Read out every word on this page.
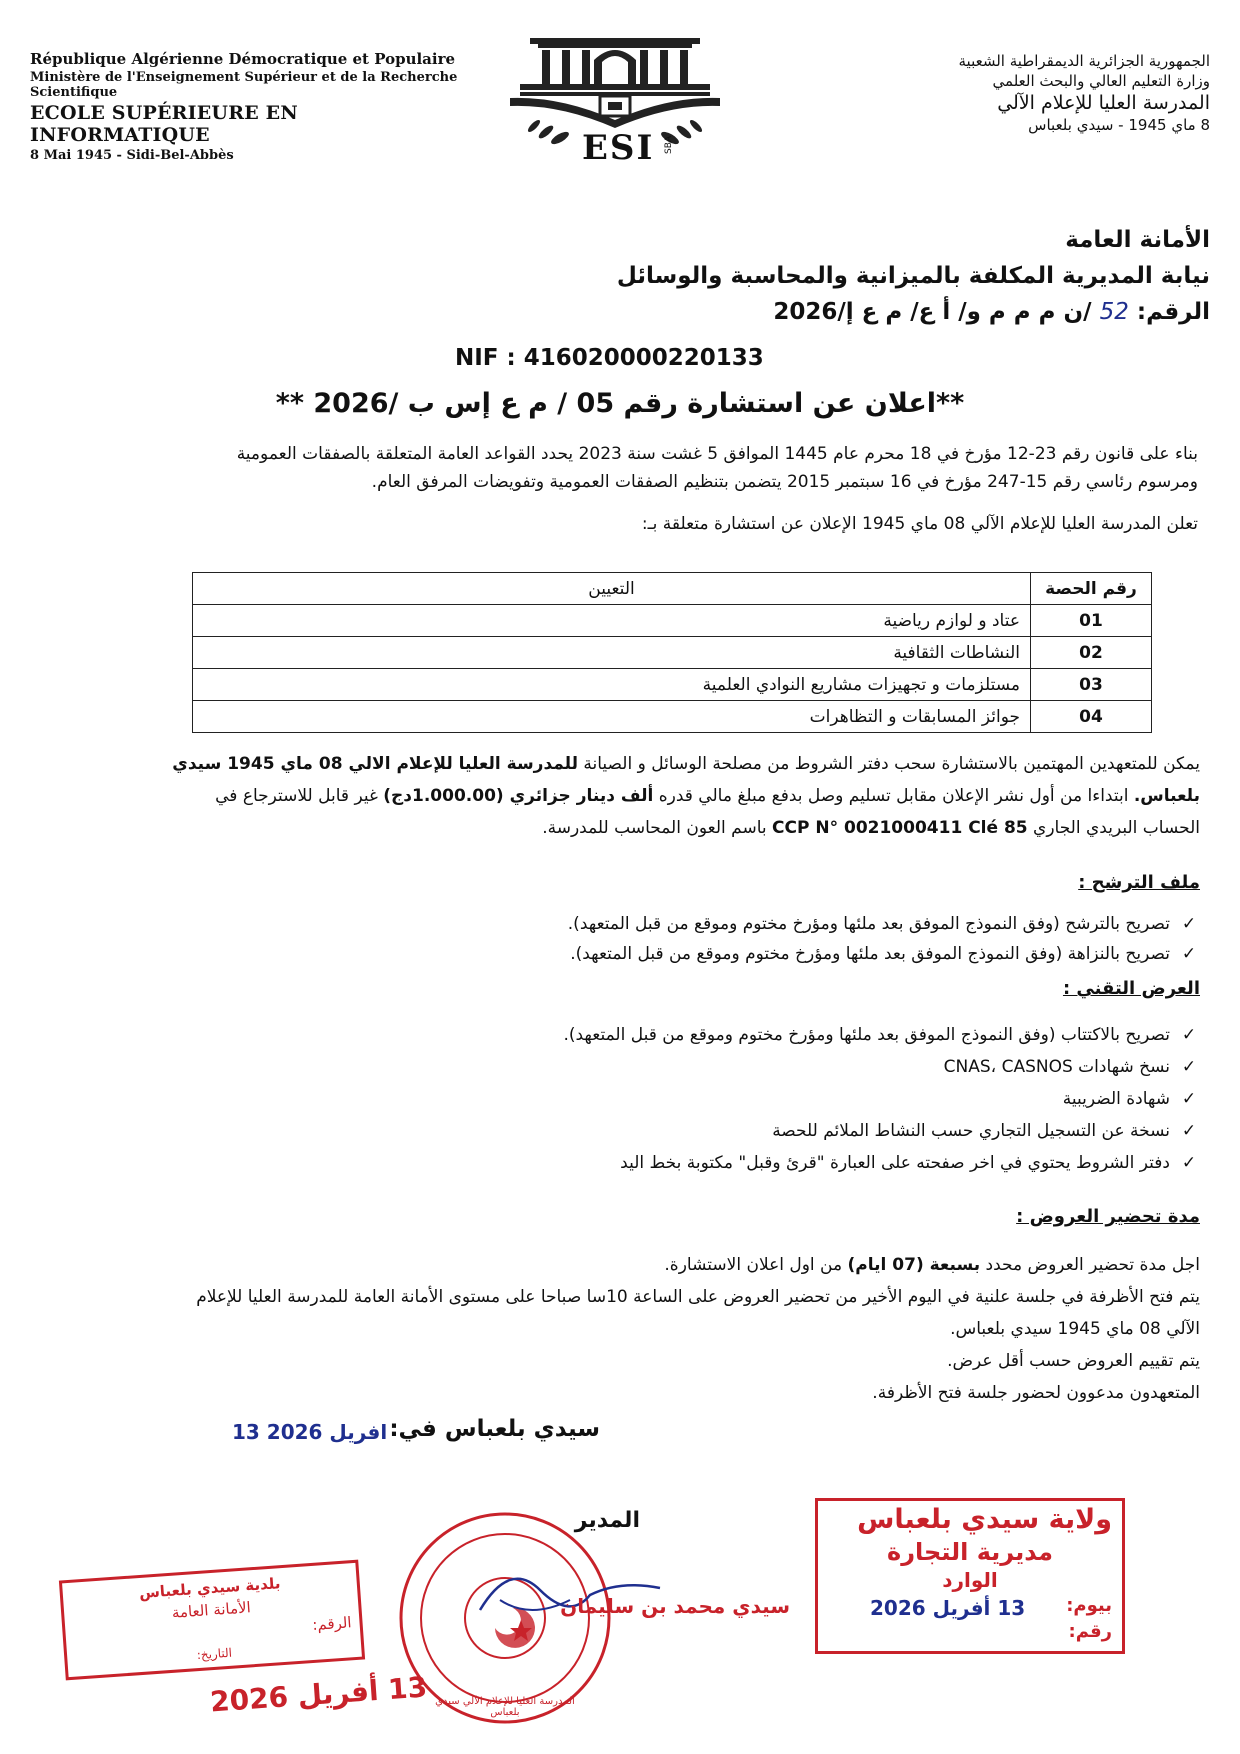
République Algérienne Démocratique et Populaire
Ministère de l'Enseignement Supérieur et de la Recherche Scientifique
ECOLE SUPÉRIEURE EN INFORMATIQUE
8 Mai 1945 - Sidi-Bel-Abbès	ESI SBA
الجمهورية الجزائرية الديمقراطية الشعبية
وزارة التعليم العالي والبحث العلمي
المدرسة العليا للإعلام الآلي
8 ماي 1945 - سيدي بلعباس
الأمانة العامة
نيابة المديرية المكلفة بالميزانية والمحاسبة والوسائل
الرقم: 52 /ن م م م و/ أ ع/ م ع إ/2026
NIF : 416020000220133
**اعلان عن استشارة رقم 05 / م ع إس ب /2026 **

بناء على قانون رقم 23-12 مؤرخ في 18 محرم عام 1445 الموافق 5 غشت سنة 2023 يحدد القواعد العامة المتعلقة بالصفقات العمومية

ومرسوم رئاسي رقم 15-247 مؤرخ في 16 سبتمبر 2015 يتضمن بتنظيم الصفقات العمومية وتفويضات المرفق العام.

تعلن المدرسة العليا للإعلام الآلي 08 ماي 1945 الإعلان عن استشارة متعلقة بـ:

رقم الحصة	التعيين
01	عتاد و لوازم رياضية
02	النشاطات الثقافية
03	مستلزمات و تجهيزات مشاريع النوادي العلمية
04	جوائز المسابقات و التظاهرات

يمكن للمتعهدين المهتمين بالاستشارة سحب دفتر الشروط من مصلحة الوسائل و الصيانة للمدرسة العليا للإعلام الالي 08 ماي 1945 سيدي

بلعباس. ابتداءا من أول نشر الإعلان مقابل تسليم وصل بدفع مبلغ مالي قدره ألف دينار جزائري (1.000.00دج) غير قابل للاسترجاع في

الحساب البريدي الجاري CCP N° 0021000411 Clé 85 باسم العون المحاسب للمدرسة.

ملف الترشح :

✓تصريح بالترشح (وفق النموذج الموفق بعد ملئها ومؤرخ مختوم وموقع من قبل المتعهد).

✓تصريح بالنزاهة (وفق النموذج الموفق بعد ملئها ومؤرخ مختوم وموقع من قبل المتعهد).

العرض التقني :

✓تصريح بالاكتتاب (وفق النموذج الموفق بعد ملئها ومؤرخ مختوم وموقع من قبل المتعهد).

✓نسخ شهادات CNAS، CASNOS

✓شهادة الضريبية

✓نسخة عن التسجيل التجاري حسب النشاط الملائم للحصة

✓دفتر الشروط يحتوي في اخر صفحته على العبارة "قرئ وقبل" مكتوبة بخط اليد

مدة تحضير العروض :

اجل مدة تحضير العروض محدد بسبعة (07 ايام) من اول اعلان الاستشارة.

يتم فتح الأظرفة في جلسة علنية في اليوم الأخير من تحضير العروض على الساعة 10سا صباحا على مستوى الأمانة العامة للمدرسة العليا للإعلام

الآلي 08 ماي 1945 سيدي بلعباس.

يتم تقييم العروض حسب أقل عرض.

المتعهدون مدعوون لحضور جلسة فتح الأظرفة.

سيدي بلعباس في:
13 افريل 2026
المدير
المدرسة العليا للإعلام الآلي سيدي بلعباس
سيدي محمد بن سليمان
بلدية سيدي بلعباس
الأمانة العامة
الرقم:
التاريخ:
13 أفريل 2026
ولاية سيدي بلعباس
مديرية التجارة
الوارد
بيوم:
رقم:
13 أفريل 2026
